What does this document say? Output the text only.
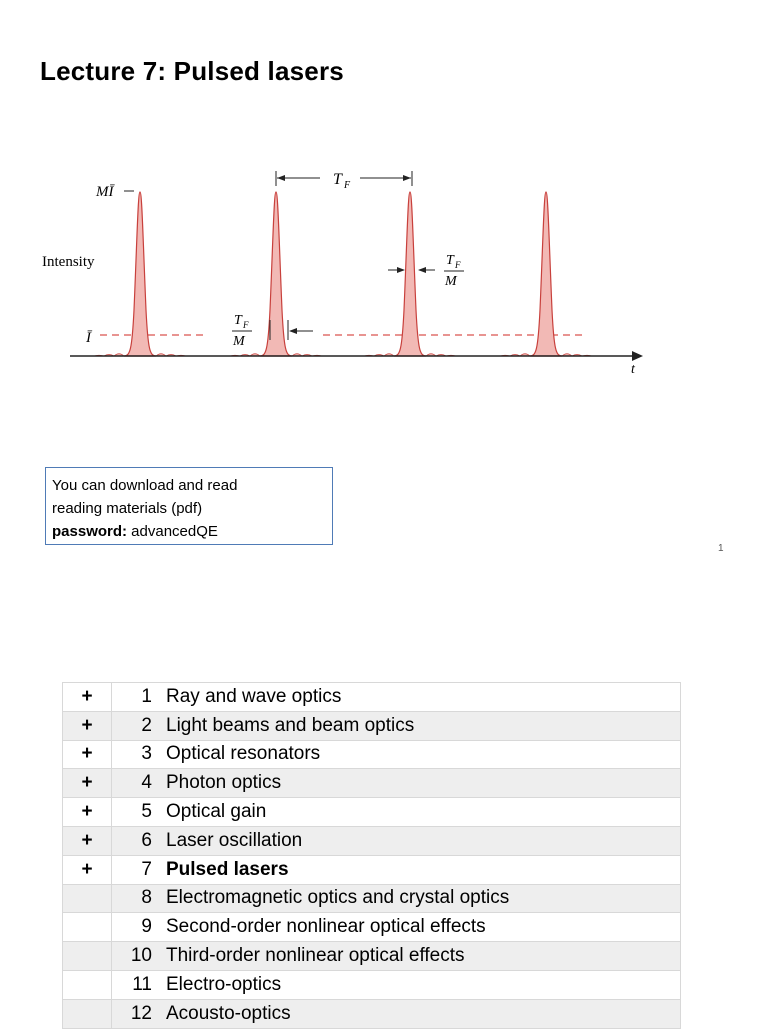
Lecture 7: Pulsed lasers
t
MĪ
Intensity
Ī
T F
T F
M
T F
M
You can download and read
reading materials (pdf)
password: advancedQE
1
+	1	Ray and wave optics
+	2	Light beams and beam optics
+	3	Optical resonators
+	4	Photon optics
+	5	Optical gain
+	6	Laser oscillation
+	7	Pulsed lasers
	8	Electromagnetic optics and crystal optics
	9	Second-order nonlinear optical effects
	10	Third-order nonlinear optical effects
	11	Electro-optics
	12	Acousto-optics
